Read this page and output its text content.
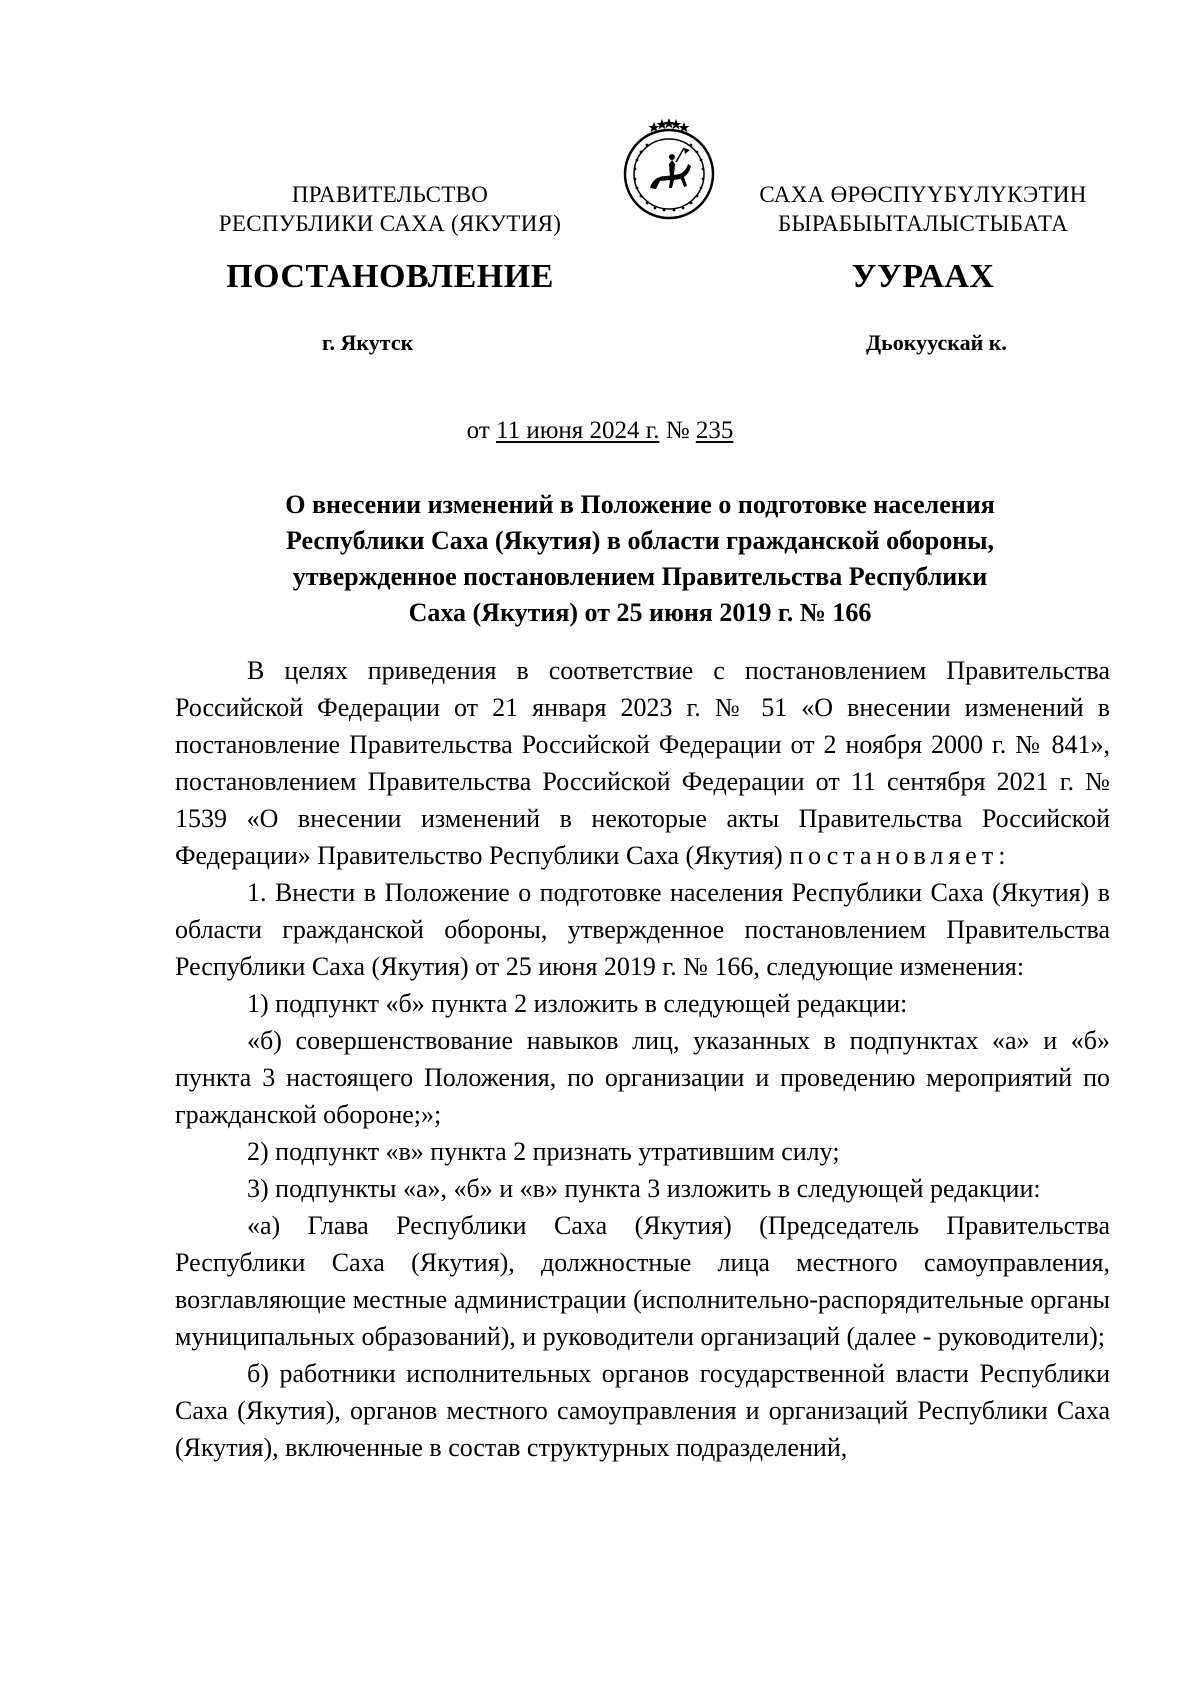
ПРАВИТЕЛЬСТВО
РЕСПУБЛИКИ САХА (ЯКУТИЯ)
САХА ӨРӨСПҮҮБҮЛҮКЭТИН
БЫРАБЫЫТАЛЫСТЫБАТА
ПОСТАНОВЛЕНИЕ	УУРААХ
г. Якутск	Дьокуускай к.
от 11 июня 2024 г. № 235
О внесении изменений в Положение о подготовке населения
Республики Саха (Якутия) в области гражданской обороны,
утвержденное постановлением Правительства Республики
Саха (Якутия) от 25 июня 2019 г. № 166

В целях приведения в соответствие с постановлением Правительства Российской Федерации от 21 января 2023 г. № 51 «О внесении изменений в постановление Правительства Российской Федерации от 2 ноября 2000 г. № 841», постановлением Правительства Российской Федерации от 11 сентября 2021 г. № 1539 «О внесении изменений в некоторые акты Правительства Российской Федерации» Правительство Республики Саха (Якутия) постановляет:

1. Внести в Положение о подготовке населения Республики Саха (Якутия) в области гражданской обороны, утвержденное постановлением Правительства Республики Саха (Якутия) от 25 июня 2019 г. № 166, следующие изменения:

1) подпункт «б» пункта 2 изложить в следующей редакции:

«б) совершенствование навыков лиц, указанных в подпунктах «а» и «б» пункта 3 настоящего Положения, по организации и проведению мероприятий по гражданской обороне;»;

2) подпункт «в» пункта 2 признать утратившим силу;

3) подпункты «а», «б» и «в» пункта 3 изложить в следующей редакции:

«а) Глава Республики Саха (Якутия) (Председатель Правительства Республики Саха (Якутия), должностные лица местного самоуправления, возглавляющие местные администрации (исполнительно-распорядительные органы муниципальных образований), и руководители организаций (далее - руководители);

б) работники исполнительных органов государственной власти Республики Саха (Якутия), органов местного самоуправления и организаций Республики Саха (Якутия), включенные в состав структурных подразделений,
